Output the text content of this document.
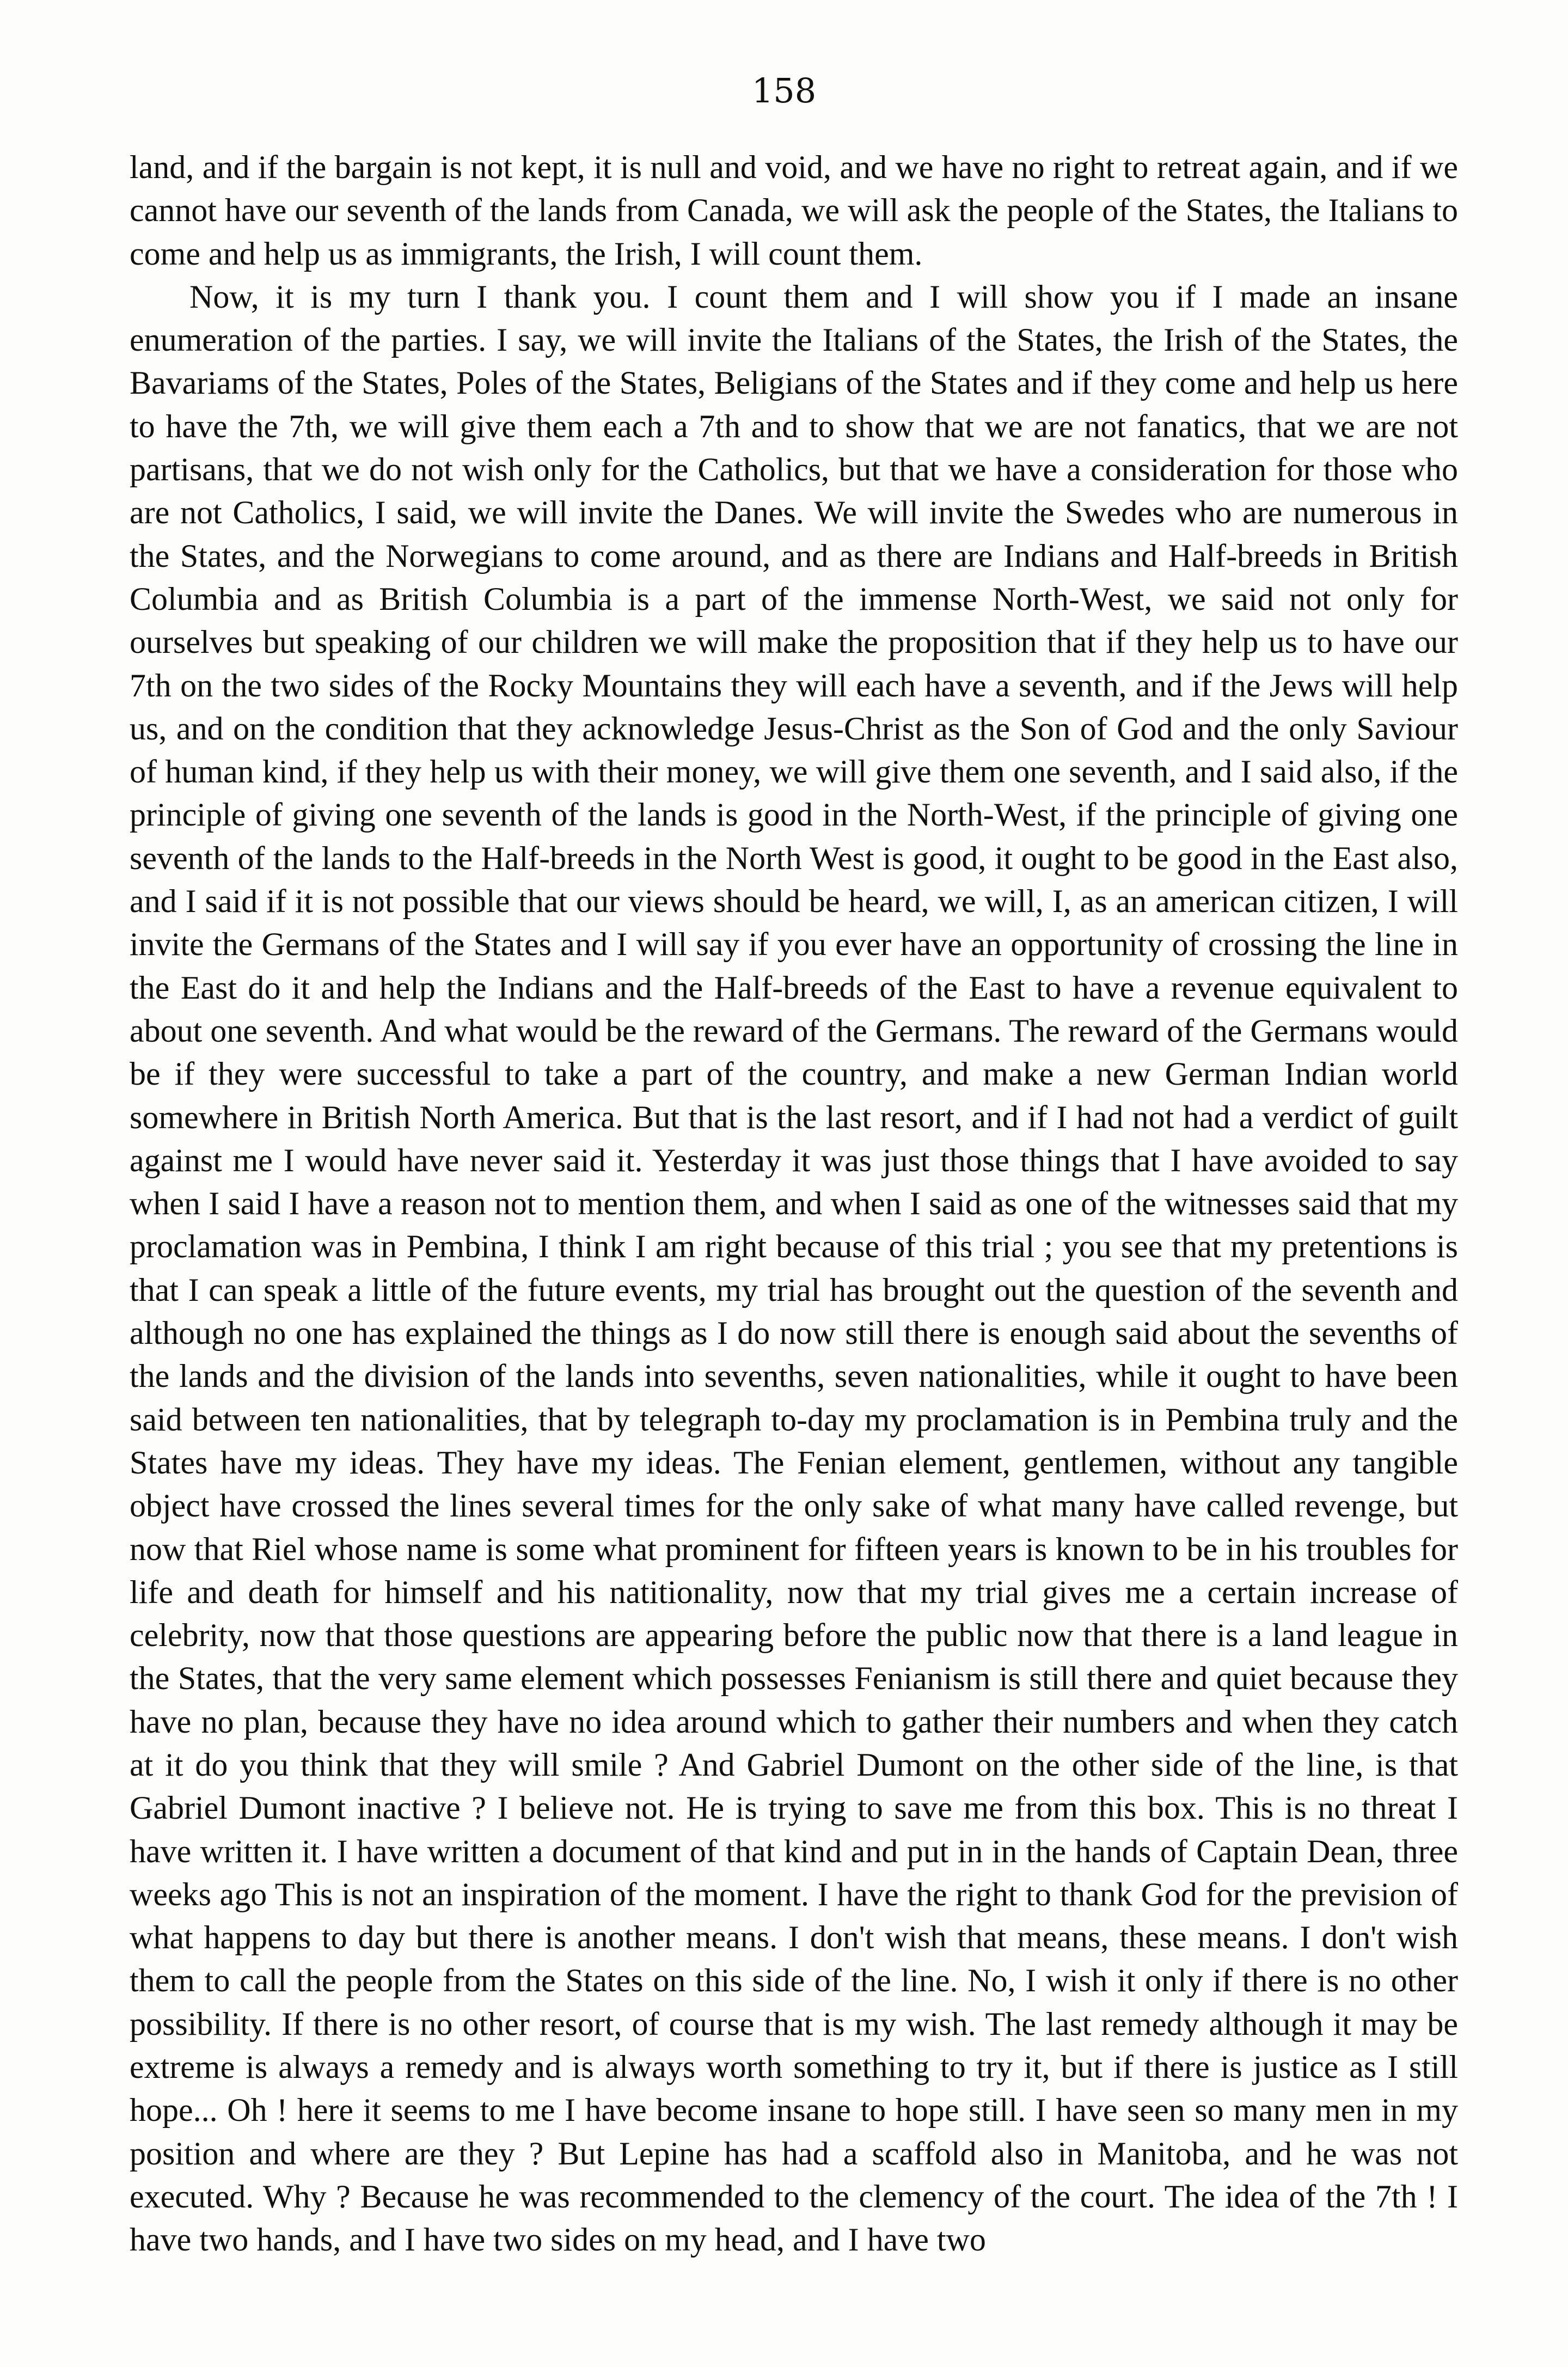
158

land, and if the bargain is not kept, it is null and void, and we have no right to retreat again, and if we cannot have our seventh of the lands from Canada, we will ask the people of the States, the Italians to come and help us as immigrants, the Irish, I will count them.

Now, it is my turn I thank you. I count them and I will show you if I made an insane enumeration of the parties. I say, we will invite the Italians of the States, the Irish of the States, the Bavariams of the States, Poles of the States, Beligians of the States and if they come and help us here to have the 7th, we will give them each a 7th and to show that we are not fanatics, that we are not partisans, that we do not wish only for the Catholics, but that we have a consideration for those who are not Catholics, I said, we will invite the Danes. We will invite the Swedes who are numerous in the States, and the Norwegians to come around, and as there are Indians and Half-breeds in British Columbia and as British Columbia is a part of the immense North-West, we said not only for ourselves but speaking of our children we will make the proposition that if they help us to have our 7th on the two sides of the Rocky Mountains they will each have a seventh, and if the Jews will help us, and on the condition that they acknowledge Jesus-Christ as the Son of God and the only Saviour of human kind, if they help us with their money, we will give them one seventh, and I said also, if the principle of giving one seventh of the lands is good in the North-West, if the principle of giving one seventh of the lands to the Half-breeds in the North West is good, it ought to be good in the East also, and I said if it is not possible that our views should be heard, we will, I, as an american citizen, I will invite the Germans of the States and I will say if you ever have an opportunity of crossing the line in the East do it and help the Indians and the Half-breeds of the East to have a revenue equivalent to about one seventh. And what would be the reward of the Germans. The reward of the Germans would be if they were successful to take a part of the country, and make a new German Indian world somewhere in British North America. But that is the last resort, and if I had not had a verdict of guilt against me I would have never said it. Yesterday it was just those things that I have avoided to say when I said I have a reason not to mention them, and when I said as one of the witnesses said that my proclamation was in Pembina, I think I am right because of this trial ; you see that my pretentions is that I can speak a little of the future events, my trial has brought out the question of the seventh and although no one has explained the things as I do now still there is enough said about the sevenths of the lands and the division of the lands into sevenths, seven nationalities, while it ought to have been said between ten nationalities, that by telegraph to-day my proclamation is in Pembina truly and the States have my ideas. They have my ideas. The Fenian element, gentlemen, without any tangible object have crossed the lines several times for the only sake of what many have called revenge, but now that Riel whose name is some what prominent for fifteen years is known to be in his troubles for life and death for himself and his natitionality, now that my trial gives me a certain increase of celebrity, now that those questions are appearing before the public now that there is a land league in the States, that the very same element which possesses Fenianism is still there and quiet because they have no plan, because they have no idea around which to gather their numbers and when they catch at it do you think that they will smile ? And Gabriel Dumont on the other side of the line, is that Gabriel Dumont inactive ? I believe not. He is trying to save me from this box. This is no threat I have written it. I have written a document of that kind and put in in the hands of Captain Dean, three weeks ago This is not an inspiration of the moment. I have the right to thank God for the prevision of what happens to day but there is another means. I don't wish that means, these means. I don't wish them to call the people from the States on this side of the line. No, I wish it only if there is no other possibility. If there is no other resort, of course that is my wish. The last remedy although it may be extreme is always a remedy and is always worth something to try it, but if there is justice as I still hope... Oh ! here it seems to me I have become insane to hope still. I have seen so many men in my position and where are they ? But Lepine has had a scaffold also in Manitoba, and he was not executed. Why ? Because he was recommended to the clemency of the court. The idea of the 7th ! I have two hands, and I have two sides on my head, and I have two
